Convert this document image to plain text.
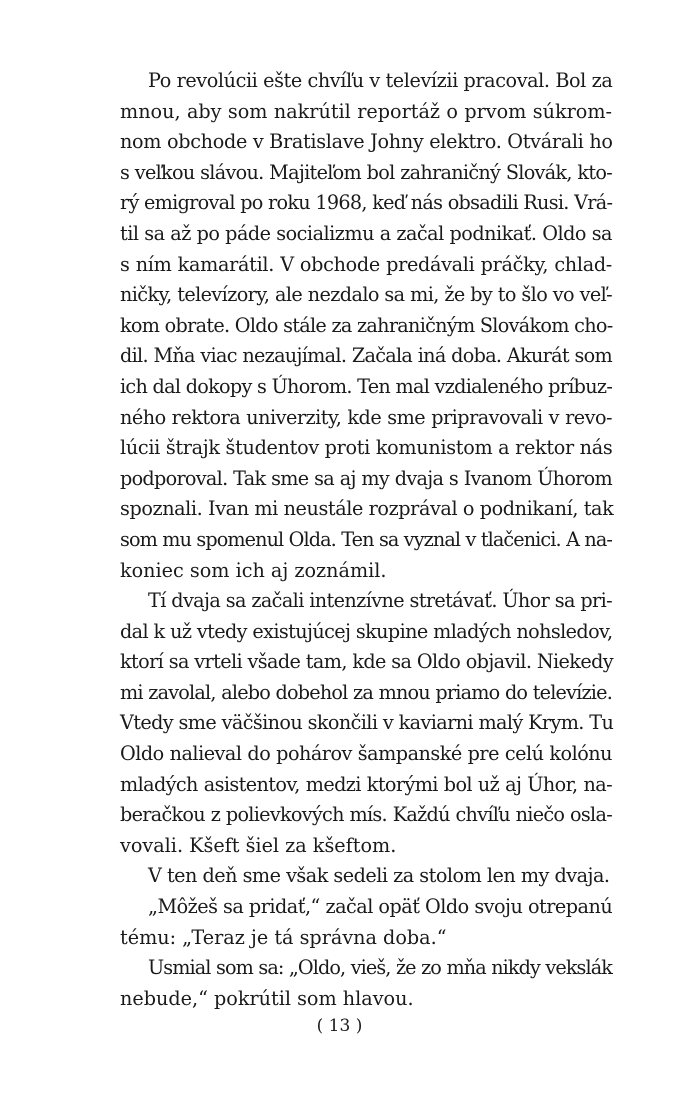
Po revolúcii ešte chvíľu v televízii pracoval. Bol za
mnou, aby som nakrútil reportáž o prvom súkrom-
nom obchode v Bratislave Johny elektro. Otvárali ho
s veľkou slávou. Majiteľom bol zahraničný Slovák, kto-
rý emigroval po roku 1968, keď nás obsadili Rusi. Vrá-
til sa až po páde socializmu a začal podnikať. Oldo sa
s ním kamarátil. V obchode predávali práčky, chlad-
ničky, televízory, ale nezdalo sa mi, že by to šlo vo veľ-
kom obrate. Oldo stále za zahraničným Slovákom cho-
dil. Mňa viac nezaujímal. Začala iná doba. Akurát som
ich dal dokopy s Úhorom. Ten mal vzdialeného príbuz-
ného rektora univerzity, kde sme pripravovali v revo-
lúcii štrajk študentov proti komunistom a rektor nás
podporoval. Tak sme sa aj my dvaja s Ivanom Úhorom
spoznali. Ivan mi neustále rozprával o podnikaní, tak
som mu spomenul Olda. Ten sa vyznal v tlačenici. A na-
koniec som ich aj zoznámil.
Tí dvaja sa začali intenzívne stretávať. Úhor sa pri-
dal k už vtedy existujúcej skupine mladých nohsledov,
ktorí sa vrteli všade tam, kde sa Oldo objavil. Niekedy
mi zavolal, alebo dobehol za mnou priamo do televízie.
Vtedy sme väčšinou skončili v kaviarni malý Krym. Tu
Oldo nalieval do pohárov šampanské pre celú kolónu
mladých asistentov, medzi ktorými bol už aj Úhor, na-
beračkou z polievkových mís. Každú chvíľu niečo osla-
vovali. Kšeft šiel za kšeftom.
V ten deň sme však sedeli za stolom len my dvaja.
„Môžeš sa pridať,“ začal opäť Oldo svoju otrepanú
tému: „Teraz je tá správna doba.“
Usmial som sa: „Oldo, vieš, že zo mňa nikdy vekslák
nebude,“ pokrútil som hlavou.
( 13 )
